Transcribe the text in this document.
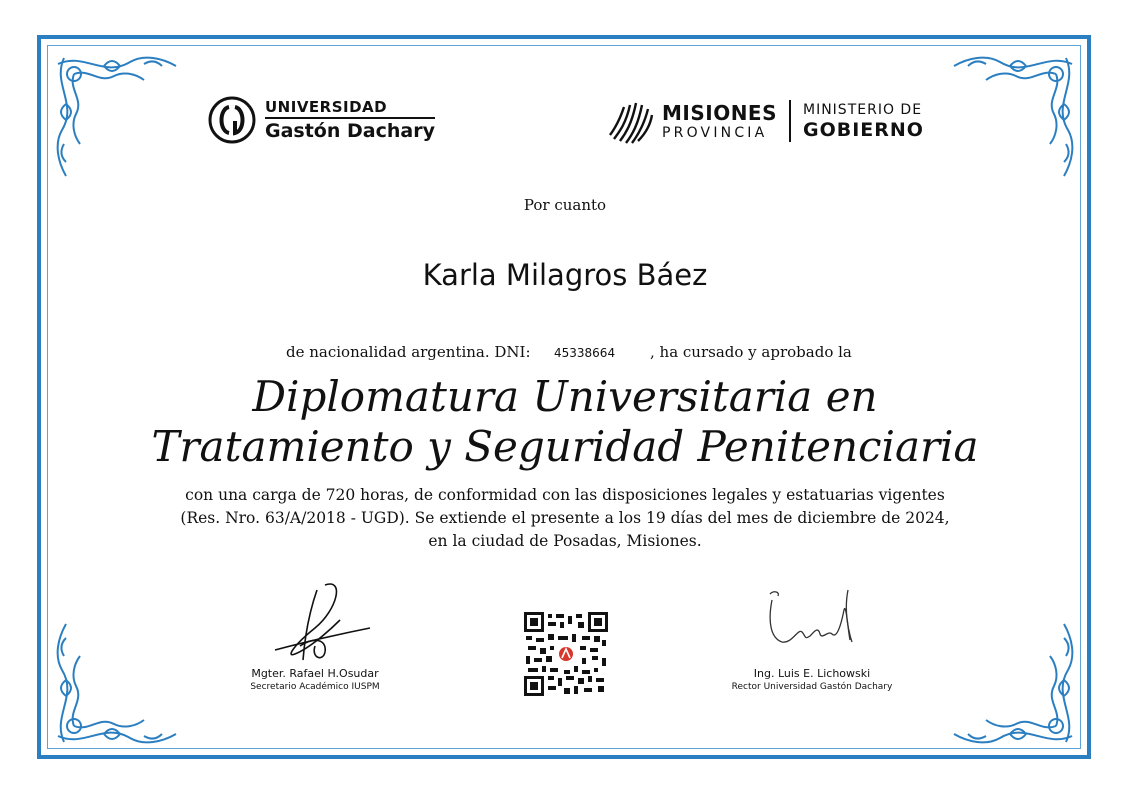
UNIVERSIDAD
Gastón Dachary
MISIONES
PROVINCIA
MINISTERIO DE
GOBIERNO
Por cuanto
Karla Milagros Báez
de nacionalidad argentina. DNI: 45338664 , ha cursado y aprobado la
Diplomatura Universitaria en
Tratamiento y Seguridad Penitenciaria
con una carga de 720 horas, de conformidad con las disposiciones legales y estatuarias vigentes
(Res. Nro. 63/A/2018 - UGD). Se extiende el presente a los 19 días del mes de diciembre de 2024,
en la ciudad de Posadas, Misiones.
Mgter. Rafael H.Osudar
Secretario Académico IUSPM
Ing. Luis E. Lichowski
Rector Universidad Gastón Dachary
